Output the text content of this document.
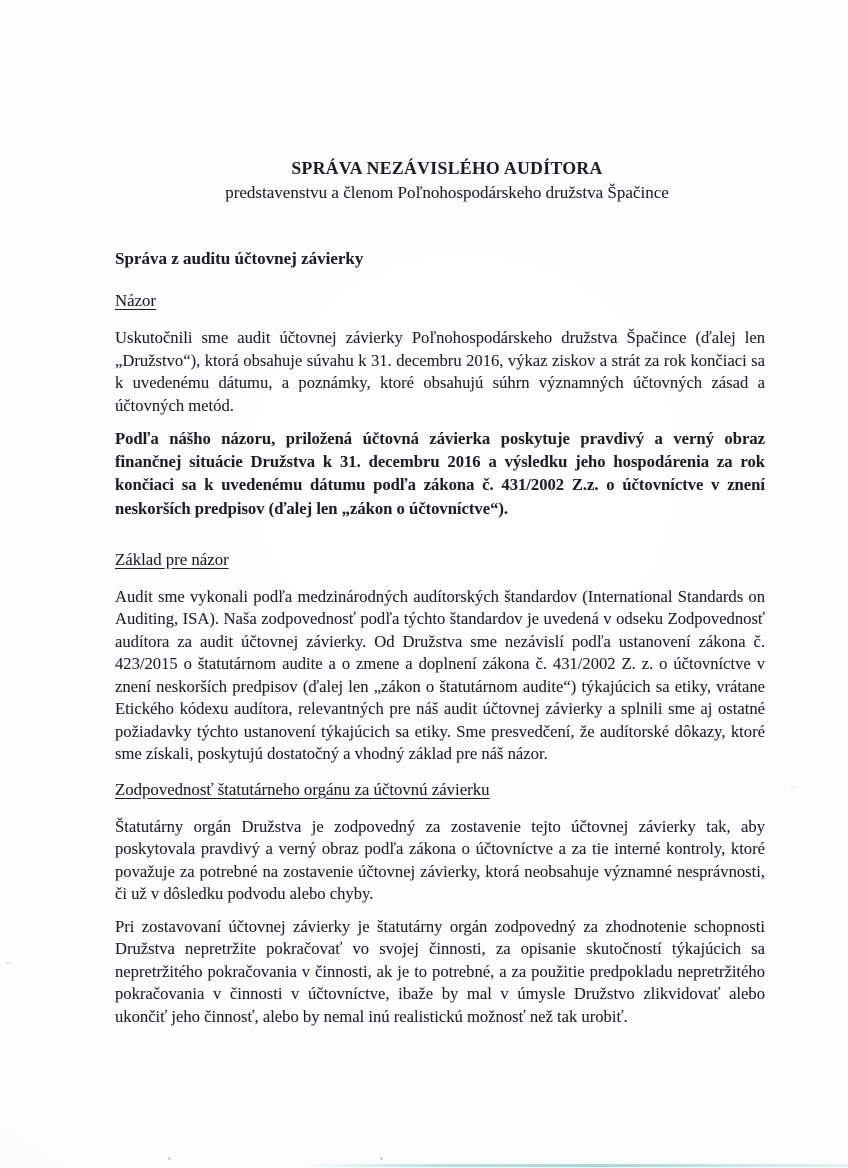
SPRÁVA NEZÁVISLÉHO AUDÍTORA
predstavenstvu a členom Poľnohospodárskeho družstva Špačince
Správa z auditu účtovnej závierky
Názor

Uskutočnili sme audit účtovnej závierky Poľnohospodárskeho družstva Špačince (ďalej len „Družstvo“), ktorá obsahuje súvahu k 31. decembru 2016, výkaz ziskov a strát za rok končiaci sa k uvedenému dátumu, a poznámky, ktoré obsahujú súhrn významných účtovných zásad a účtovných metód.

Podľa nášho názoru, priložená účtovná závierka poskytuje pravdivý a verný obraz finančnej situácie Družstva k 31. decembru 2016 a výsledku jeho hospodárenia za rok končiaci sa k uvedenému dátumu podľa zákona č. 431/2002 Z.z. o účtovníctve v znení neskorších predpisov (ďalej len „zákon o účtovníctve“).

Základ pre názor

Audit sme vykonali podľa medzinárodných audítorských štandardov (International Standards on Auditing, ISA). Naša zodpovednosť podľa týchto štandardov je uvedená v odseku Zodpovednosť audítora za audit účtovnej závierky. Od Družstva sme nezávislí podľa ustanovení zákona č. 423/2015 o štatutárnom audite a o zmene a doplnení zákona č. 431/2002 Z. z. o účtovníctve v znení neskorších predpisov (ďalej len „zákon o štatutárnom audite“) týkajúcich sa etiky, vrátane Etického kódexu audítora, relevantných pre náš audit účtovnej závierky a splnili sme aj ostatné požiadavky týchto ustanovení týkajúcich sa etiky. Sme presvedčení, že audítorské dôkazy, ktoré sme získali, poskytujú dostatočný a vhodný základ pre náš názor.

Zodpovednosť štatutárneho orgánu za účtovnú závierku

Štatutárny orgán Družstva je zodpovedný za zostavenie tejto účtovnej závierky tak, aby poskytovala pravdivý a verný obraz podľa zákona o účtovníctve a za tie interné kontroly, ktoré považuje za potrebné na zostavenie účtovnej závierky, ktorá neobsahuje významné nesprávnosti, či už v dôsledku podvodu alebo chyby.

Pri zostavovaní účtovnej závierky je štatutárny orgán zodpovedný za zhodnotenie schopnosti Družstva nepretržite pokračovať vo svojej činnosti, za opisanie skutočností týkajúcich sa nepretržitého pokračovania v činnosti, ak je to potrebné, a za použitie predpokladu nepretržitého pokračovania v činnosti v účtovníctve, ibaže by mal v úmysle Družstvo zlikvidovať alebo ukončiť jeho činnosť, alebo by nemal inú realistickú možnosť než tak urobiť.
